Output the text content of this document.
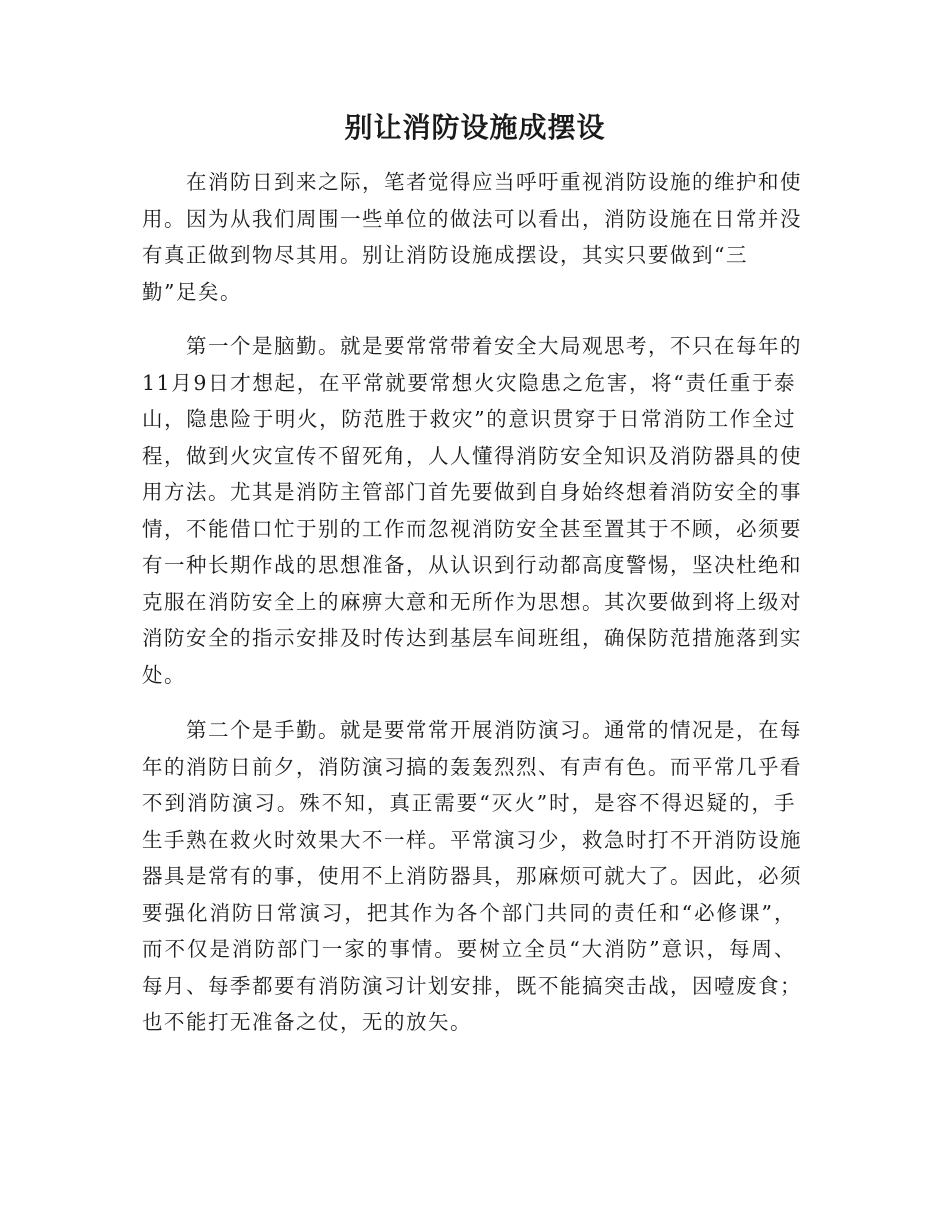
别让消防设施成摆设
在消防日到来之际，笔者觉得应当呼吁重视消防设施的维护和使
用。因为从我们周围一些单位的做法可以看出，消防设施在日常并没
有真正做到物尽其用。别让消防设施成摆设，其实只要做到“三
勤”足矣。
第一个是脑勤。就是要常常带着安全大局观思考，不只在每年的
11月9日才想起，在平常就要常想火灾隐患之危害，将“责任重于泰
山，隐患险于明火，防范胜于救灾”的意识贯穿于日常消防工作全过
程，做到火灾宣传不留死角，人人懂得消防安全知识及消防器具的使
用方法。尤其是消防主管部门首先要做到自身始终想着消防安全的事
情，不能借口忙于别的工作而忽视消防安全甚至置其于不顾，必须要
有一种长期作战的思想准备，从认识到行动都高度警惕，坚决杜绝和
克服在消防安全上的麻痹大意和无所作为思想。其次要做到将上级对
消防安全的指示安排及时传达到基层车间班组，确保防范措施落到实
处。
第二个是手勤。就是要常常开展消防演习。通常的情况是，在每
年的消防日前夕，消防演习搞的轰轰烈烈、有声有色。而平常几乎看
不到消防演习。殊不知，真正需要“灭火”时，是容不得迟疑的，手
生手熟在救火时效果大不一样。平常演习少，救急时打不开消防设施
器具是常有的事，使用不上消防器具，那麻烦可就大了。因此，必须
要强化消防日常演习，把其作为各个部门共同的责任和“必修课”，
而不仅是消防部门一家的事情。要树立全员“大消防”意识，每周、
每月、每季都要有消防演习计划安排，既不能搞突击战，因噎废食；
也不能打无准备之仗，无的放矢。
